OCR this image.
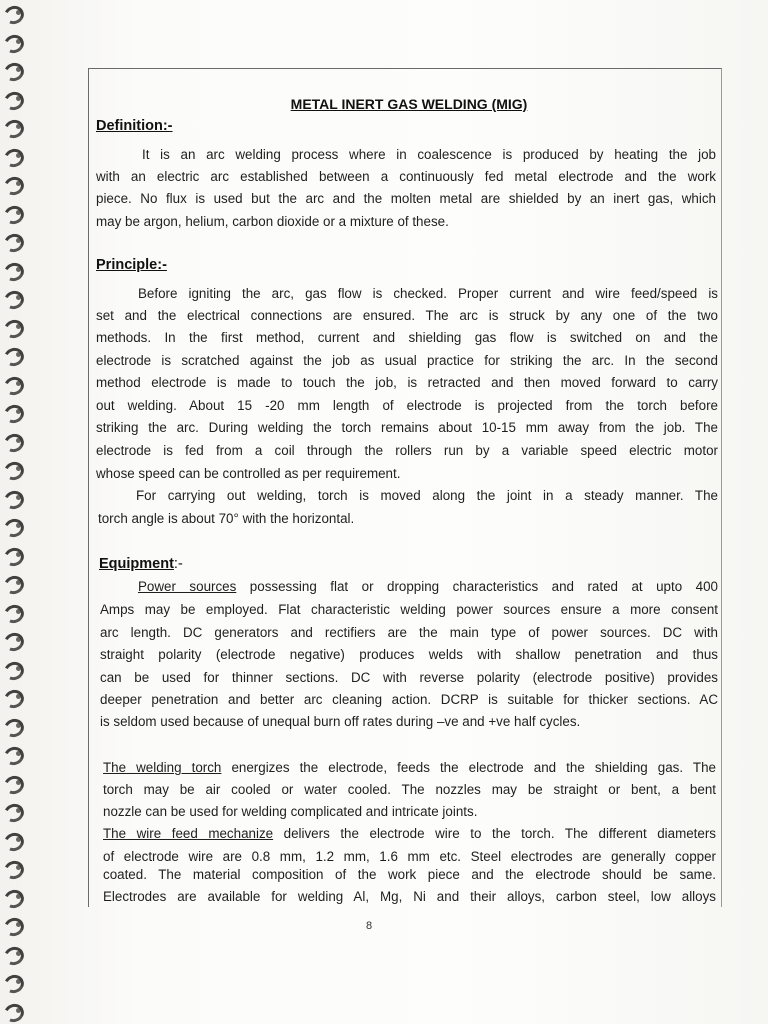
METAL INERT GAS WELDING (MIG)
Definition:-
It is an arc welding process where in coalescence is produced by heating the job
with an electric arc established between a continuously fed metal electrode and the work
piece. No flux is used but the arc and the molten metal are shielded by an inert gas, which
may be argon, helium, carbon dioxide or a mixture of these.
Principle:-
Before igniting the arc, gas flow is checked. Proper current and wire feed/speed is
set and the electrical connections are ensured. The arc is struck by any one of the two
methods. In the first method, current and shielding gas flow is switched on and the
electrode is scratched against the job as usual practice for striking the arc. In the second
method electrode is made to touch the job, is retracted and then moved forward to carry
out welding. About 15 -20 mm length of electrode is projected from the torch before
striking the arc. During welding the torch remains about 10-15 mm away from the job. The
electrode is fed from a coil through the rollers run by a variable speed electric motor
whose speed can be controlled as per requirement.
For carrying out welding, torch is moved along the joint in a steady manner. The
torch angle is about 70° with the horizontal.
Equipment:-
Power sources possessing flat or dropping characteristics and rated at upto 400
Amps may be employed. Flat characteristic welding power sources ensure a more consent
arc length. DC generators and rectifiers are the main type of power sources. DC with
straight polarity (electrode negative) produces welds with shallow penetration and thus
can be used for thinner sections. DC with reverse polarity (electrode positive) provides
deeper penetration and better arc cleaning action. DCRP is suitable for thicker sections. AC
is seldom used because of unequal burn off rates during –ve and +ve half cycles.
The welding torch energizes the electrode, feeds the electrode and the shielding gas. The
torch may be air cooled or water cooled. The nozzles may be straight or bent, a bent
nozzle can be used for welding complicated and intricate joints.
The wire feed mechanize delivers the electrode wire to the torch. The different diameters
of electrode wire are 0.8 mm, 1.2 mm, 1.6 mm etc. Steel electrodes are generally copper
coated. The material composition of the work piece and the electrode should be same.
Electrodes are available for welding Al, Mg, Ni and their alloys, carbon steel, low alloys
8
